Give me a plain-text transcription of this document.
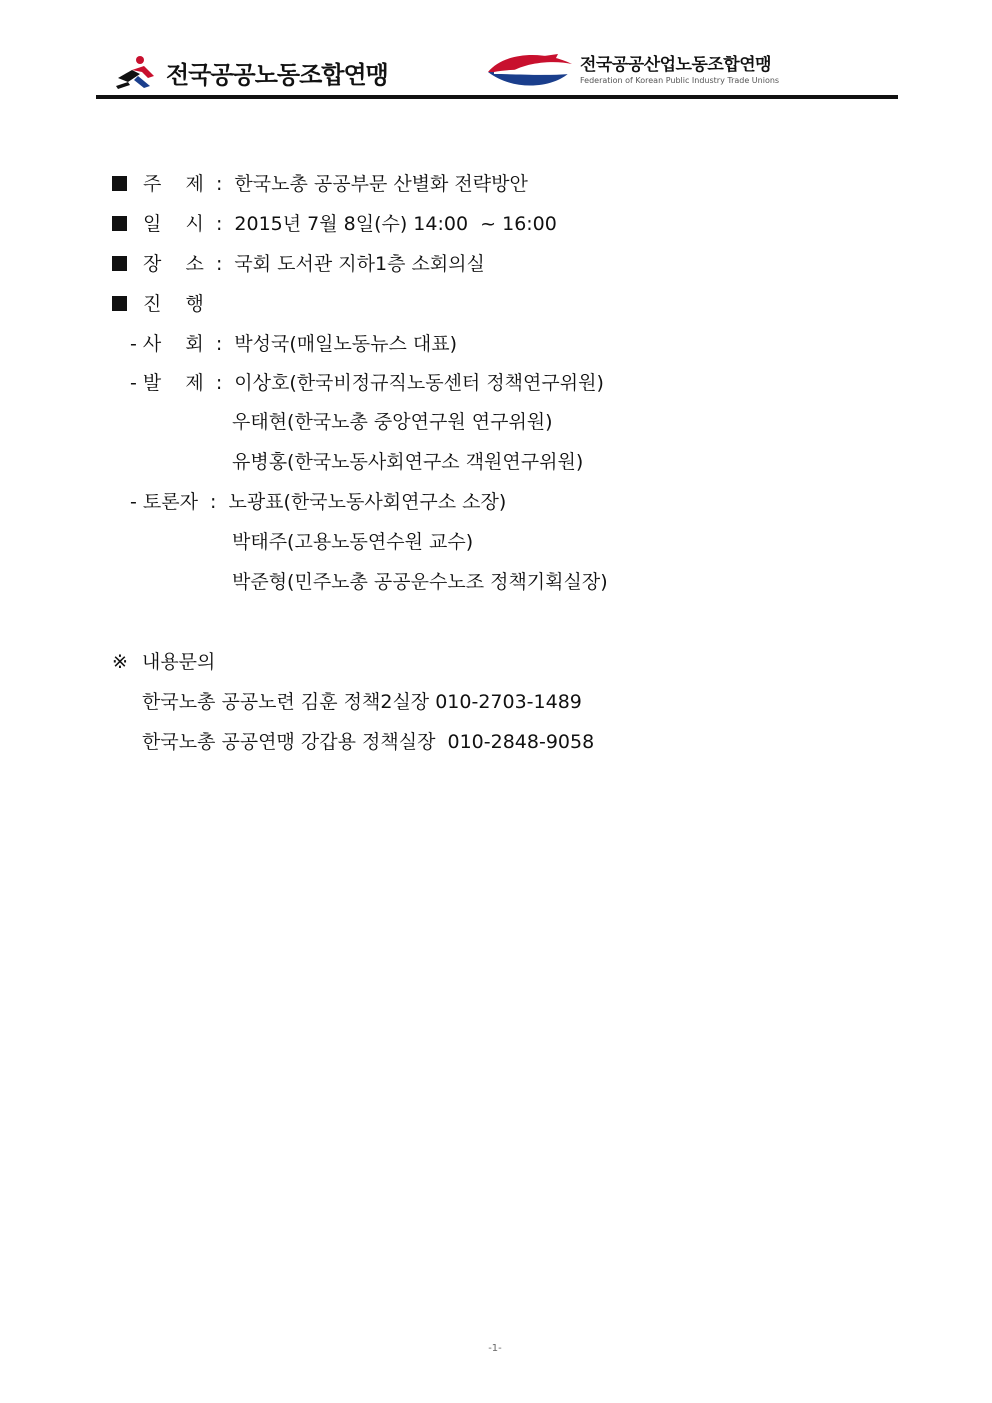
전국공공노동조합연맹	전국공공산업노동조합연맹
Federation of Korean Public Industry Trade Unions
주    제 : 한국노총 공공부문 산별화 전략방안
일    시 : 2015년 7월 8일(수) 14:00  ~ 16:00
장    소 : 국회 도서관 지하1층 소회의실
진    행
- 사    회 : 박성국(매일노동뉴스 대표)
- 발    제 : 이상호(한국비정규직노동센터 정책연구위원)
우태현(한국노총 중앙연구원 연구위원)
유병홍(한국노동사회연구소 객원연구위원)
- 토론자 : 노광표(한국노동사회연구소 소장)
박태주(고용노동연수원 교수)
박준형(민주노총 공공운수노조 정책기획실장)
※ 내용문의
한국노총 공공노련 김훈 정책2실장 010-2703-1489
한국노총 공공연맹 강갑용 정책실장  010-2848-9058
-1-
